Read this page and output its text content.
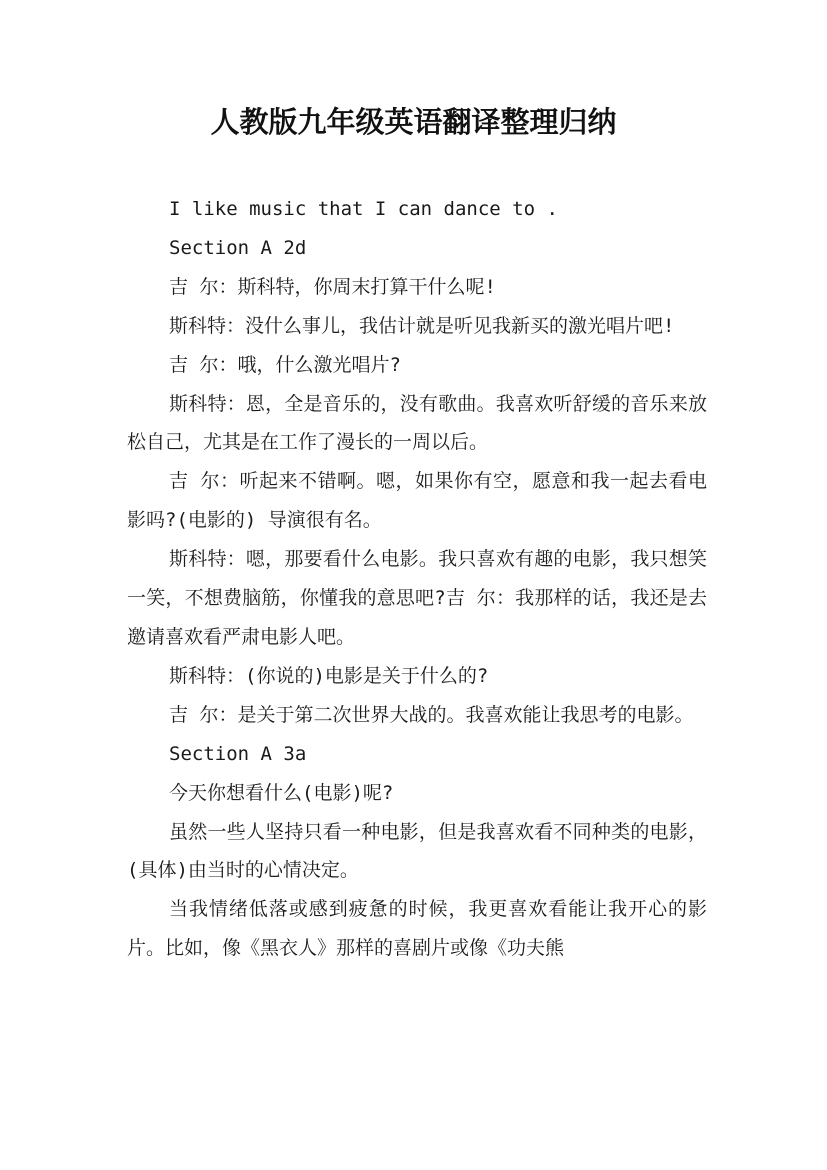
人教版九年级英语翻译整理归纳

I like music that I can dance to .

Section A 2d

吉 尔：斯科特，你周末打算干什么呢!

斯科特：没什么事儿，我估计就是听见我新买的激光唱片吧!

吉 尔：哦，什么激光唱片?

斯科特：恩，全是音乐的，没有歌曲。我喜欢听舒缓的音乐来放松自己，尤其是在工作了漫长的一周以后。

吉 尔：听起来不错啊。嗯，如果你有空，愿意和我一起去看电影吗?(电影的) 导演很有名。

斯科特：嗯，那要看什么电影。我只喜欢有趣的电影，我只想笑一笑，不想费脑筋，你懂我的意思吧?吉 尔：我那样的话，我还是去邀请喜欢看严肃电影人吧。

斯科特：(你说的)电影是关于什么的?

吉 尔：是关于第二次世界大战的。我喜欢能让我思考的电影。

Section A 3a

今天你想看什么(电影)呢?

虽然一些人坚持只看一种电影，但是我喜欢看不同种类的电影，(具体)由当时的心情决定。

当我情绪低落或感到疲惫的时候，我更喜欢看能让我开心的影片。比如，像《黑衣人》那样的喜剧片或像《功夫熊
